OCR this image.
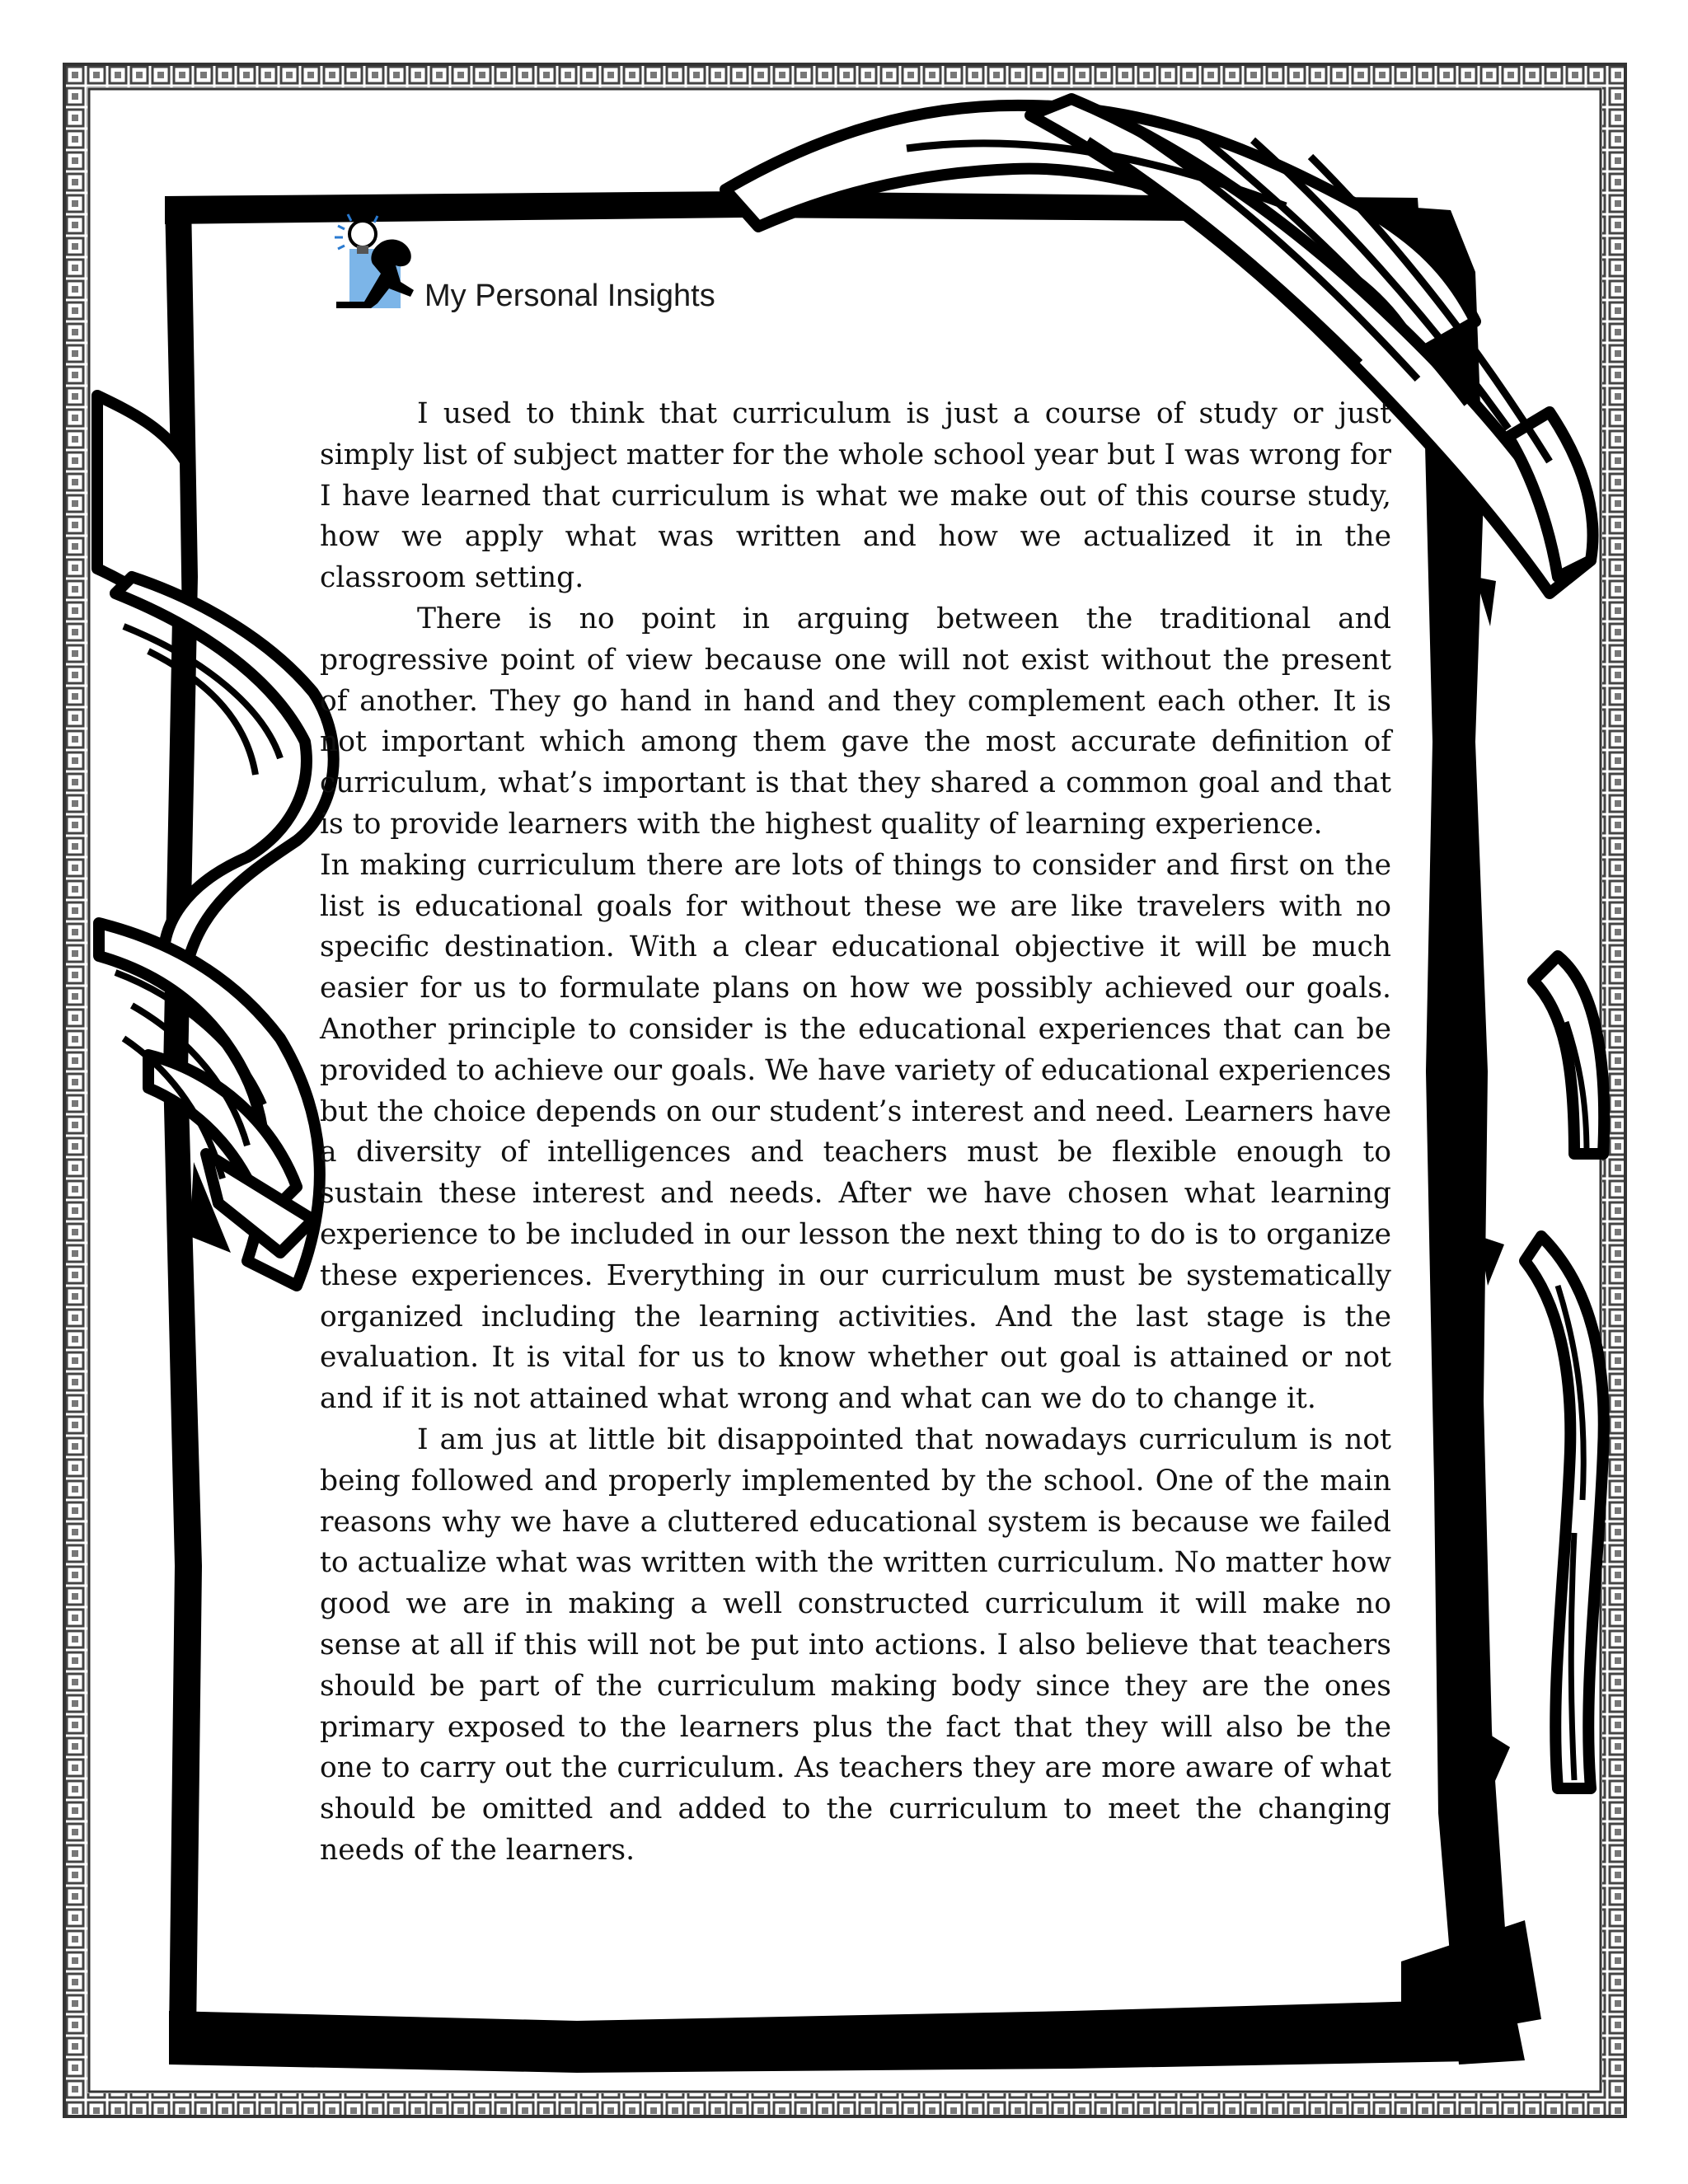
My Personal Insights

I used to think that curriculum is just a course of study or just simply list of subject matter for the whole school year but I was wrong for I have learned that curriculum is what we make out of this course study, how we apply what was written and how we actualized it in the classroom setting.

There is no point in arguing between the traditional and progressive point of view because one will not exist without the present of another. They go hand in hand and they complement each other. It is not important which among them gave the most accurate definition of curriculum, what’s important is that they shared a common goal and that is to provide learners with the highest quality of learning experience.

In making curriculum there are lots of things to consider and first on the list is educational goals for without these we are like travelers with no specific destination. With a clear educational objective it will be much easier for us to formulate plans on how we possibly achieved our goals. Another principle to consider is the educational experiences that can be provided to achieve our goals. We have variety of educational experiences but the choice depends on our student’s interest and need. Learners have a diversity of intelligences and teachers must be flexible enough to sustain these interest and needs. After we have chosen what learning experience to be included in our lesson the next thing to do is to organize these experiences. Everything in our curriculum must be systematically organized including the learning activities. And the last stage is the evaluation. It is vital for us to know whether out goal is attained or not and if it is not attained what wrong and what can we do to change it.

I am jus at little bit disappointed that nowadays curriculum is not being followed and properly implemented by the school. One of the main reasons why we have a cluttered educational system is because we failed to actualize what was written with the written curriculum. No matter how good we are in making a well constructed curriculum it will make no sense at all if this will not be put into actions. I also believe that teachers should be part of the curriculum making body since they are the ones primary exposed to the learners plus the fact that they will also be the one to carry out the curriculum. As teachers they are more aware of what should be omitted and added to the curriculum to meet the changing needs of the learners.
